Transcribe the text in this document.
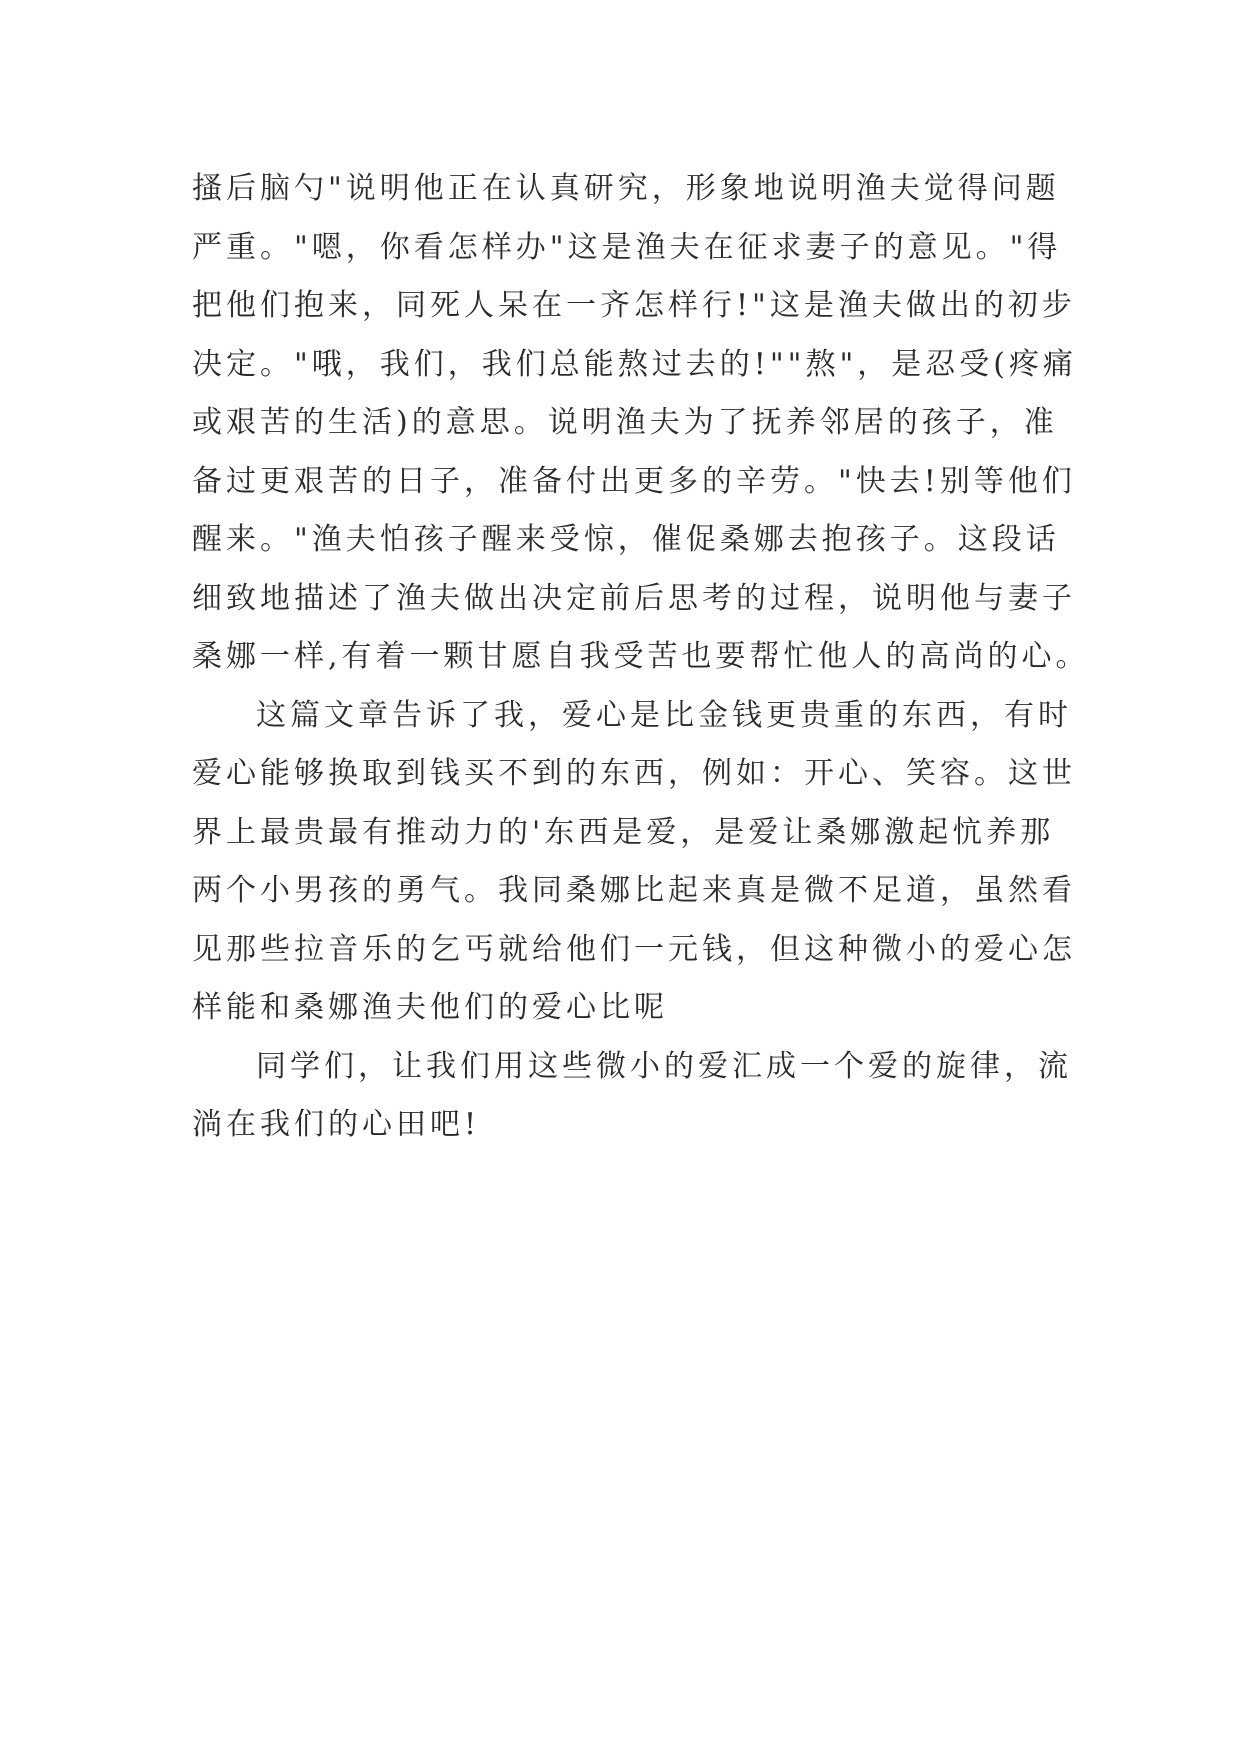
搔后脑勺"说明他正在认真研究，形象地说明渔夫觉得问题
严重。"嗯，你看怎样办"这是渔夫在征求妻子的意见。"得
把他们抱来，同死人呆在一齐怎样行!"这是渔夫做出的初步
决定。"哦，我们，我们总能熬过去的!""熬"，是忍受(疼痛
或艰苦的生活)的意思。说明渔夫为了抚养邻居的孩子，准
备过更艰苦的日子，准备付出更多的辛劳。"快去!别等他们
醒来。"渔夫怕孩子醒来受惊，催促桑娜去抱孩子。这段话
细致地描述了渔夫做出决定前后思考的过程，说明他与妻子
桑娜一样,有着一颗甘愿自我受苦也要帮忙他人的高尚的心。
这篇文章告诉了我，爱心是比金钱更贵重的东西，有时
爱心能够换取到钱买不到的东西，例如：开心、笑容。这世
界上最贵最有推动力的'东西是爱，是爱让桑娜激起忼养那
两个小男孩的勇气。我同桑娜比起来真是微不足道，虽然看
见那些拉音乐的乞丐就给他们一元钱，但这种微小的爱心怎
样能和桑娜渔夫他们的爱心比呢
同学们，让我们用这些微小的爱汇成一个爱的旋律，流
淌在我们的心田吧!
